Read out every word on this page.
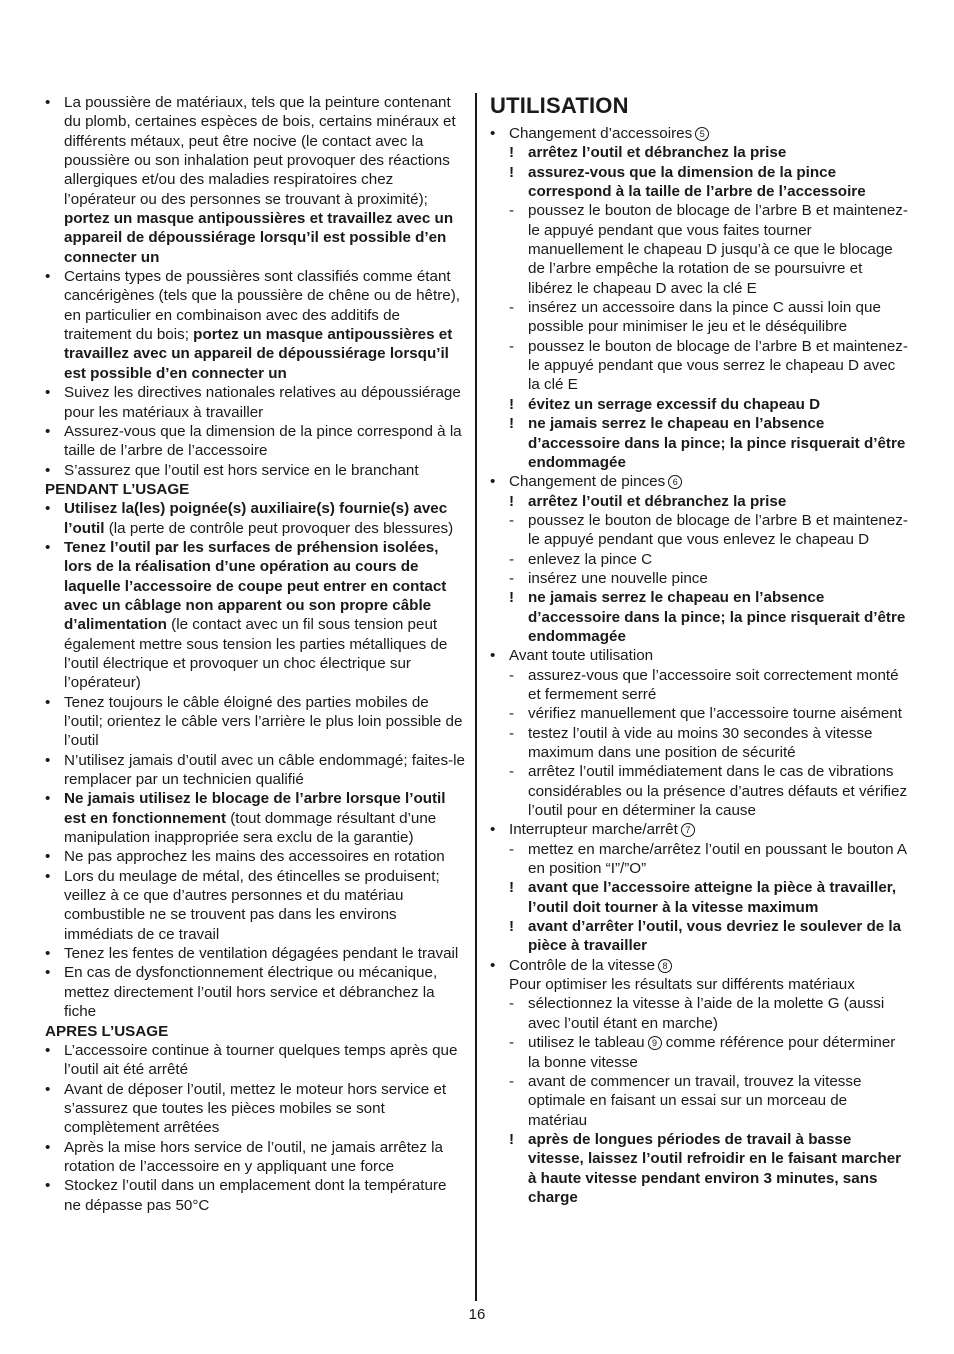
• La poussière de matériaux, tels que la peinture contenant du plomb, certaines espèces de bois, certains minéraux et différents métaux, peut être nocive (le contact avec la poussière ou son inhalation peut provoquer des réactions allergiques et/ou des maladies respiratoires chez l’opérateur ou des personnes se trouvant à proximité); portez un masque antipoussières et travaillez avec un appareil de dépoussiérage lorsqu’il est possible d’en connecter un
• Certains types de poussières sont classifiés comme étant cancérigènes (tels que la poussière de chêne ou de hêtre), en particulier en combinaison avec des additifs de traitement du bois; portez un masque antipoussières et travaillez avec un appareil de dépoussiérage lorsqu’il est possible d’en connecter un
• Suivez les directives nationales relatives au dépoussiérage pour les matériaux à travailler
• Assurez-vous que la dimension de la pince correspond à la taille de l’arbre de l’accessoire
• S’assurez que l’outil est hors service en le branchant
PENDANT L’USAGE
• Utilisez la(les) poignée(s) auxiliaire(s) fournie(s) avec l’outil (la perte de contrôle peut provoquer des blessures)
• Tenez l’outil par les surfaces de préhension isolées, lors de la réalisation d’une opération au cours de laquelle l’accessoire de coupe peut entrer en contact avec un câblage non apparent ou son propre câble d’alimentation (le contact avec un fil sous tension peut également mettre sous tension les parties métalliques de l’outil électrique et provoquer un choc électrique sur l’opérateur)
• Tenez toujours le câble éloigné des parties mobiles de l’outil; orientez le câble vers l’arrière le plus loin possible de l’outil
• N’utilisez jamais d’outil avec un câble endommagé; faites-le remplacer par un technicien qualifié
• Ne jamais utilisez le blocage de l’arbre lorsque l’outil est en fonctionnement (tout dommage résultant d’une manipulation inappropriée sera exclu de la garantie)
• Ne pas approchez les mains des accessoires en rotation
• Lors du meulage de métal, des étincelles se produisent; veillez à ce que d’autres personnes et du matériau combustible ne se trouvent pas dans les environs immédiats de ce travail
• Tenez les fentes de ventilation dégagées pendant le travail
• En cas de dysfonctionnement électrique ou mécanique, mettez directement l’outil hors service et débranchez la fiche
APRES L’USAGE
• L’accessoire continue à tourner quelques temps après que l’outil ait été arrêté
• Avant de déposer l’outil, mettez le moteur hors service et s’assurez que toutes les pièces mobiles se sont complètement arrêtées
• Après la mise hors service de l’outil, ne jamais arrêtez la rotation de l’accessoire en y appliquant une force
• Stockez l’outil dans un emplacement dont la température ne dépasse pas 50°C
UTILISATION
• Changement d’accessoires 5
! arrêtez l’outil et débranchez la prise
! assurez-vous que la dimension de la pince correspond à la taille de l’arbre de l’accessoire
- poussez le bouton de blocage de l’arbre B et maintenez-le appuyé pendant que vous faites tourner manuellement le chapeau D jusqu’à ce que le blocage de l’arbre empêche la rotation de se poursuivre et libérez le chapeau D avec la clé E
- insérez un accessoire dans la pince C aussi loin que possible pour minimiser le jeu et le déséquilibre
- poussez le bouton de blocage de l’arbre B et maintenez-le appuyé pendant que vous serrez le chapeau D avec la clé E
! évitez un serrage excessif du chapeau D
! ne jamais serrez le chapeau en l’absence d’accessoire dans la pince; la pince risquerait d’être endommagée
• Changement de pinces 6
! arrêtez l’outil et débranchez la prise
- poussez le bouton de blocage de l’arbre B et maintenez-le appuyé pendant que vous enlevez le chapeau D
- enlevez la pince C
- insérez une nouvelle pince
! ne jamais serrez le chapeau en l’absence d’accessoire dans la pince; la pince risquerait d’être endommagée
• Avant toute utilisation
- assurez-vous que l’accessoire soit correctement monté et fermement serré
- vérifiez manuellement que l’accessoire tourne aisément
- testez l’outil à vide au moins 30 secondes à vitesse maximum dans une position de sécurité
- arrêtez l’outil immédiatement dans le cas de vibrations considérables ou la présence d’autres défauts et vérifiez l’outil pour en déterminer la cause
• Interrupteur marche/arrêt 7
- mettez en marche/arrêtez l’outil en poussant le bouton A en position “I”/”O”
! avant que l’accessoire atteigne la pièce à travailler, l’outil doit tourner à la vitesse maximum
! avant d’arrêter l’outil, vous devriez le soulever de la pièce à travailler
• Contrôle de la vitesse 8
Pour optimiser les résultats sur différents matériaux
- sélectionnez la vitesse à l’aide de la molette G (aussi avec l’outil étant en marche)
- utilisez le tableau 9 comme référence pour déterminer la bonne vitesse
- avant de commencer un travail, trouvez la vitesse optimale en faisant un essai sur un morceau de matériau
! après de longues périodes de travail à basse vitesse, laissez l’outil refroidir en le faisant marcher à haute vitesse pendant environ 3 minutes, sans charge
16
